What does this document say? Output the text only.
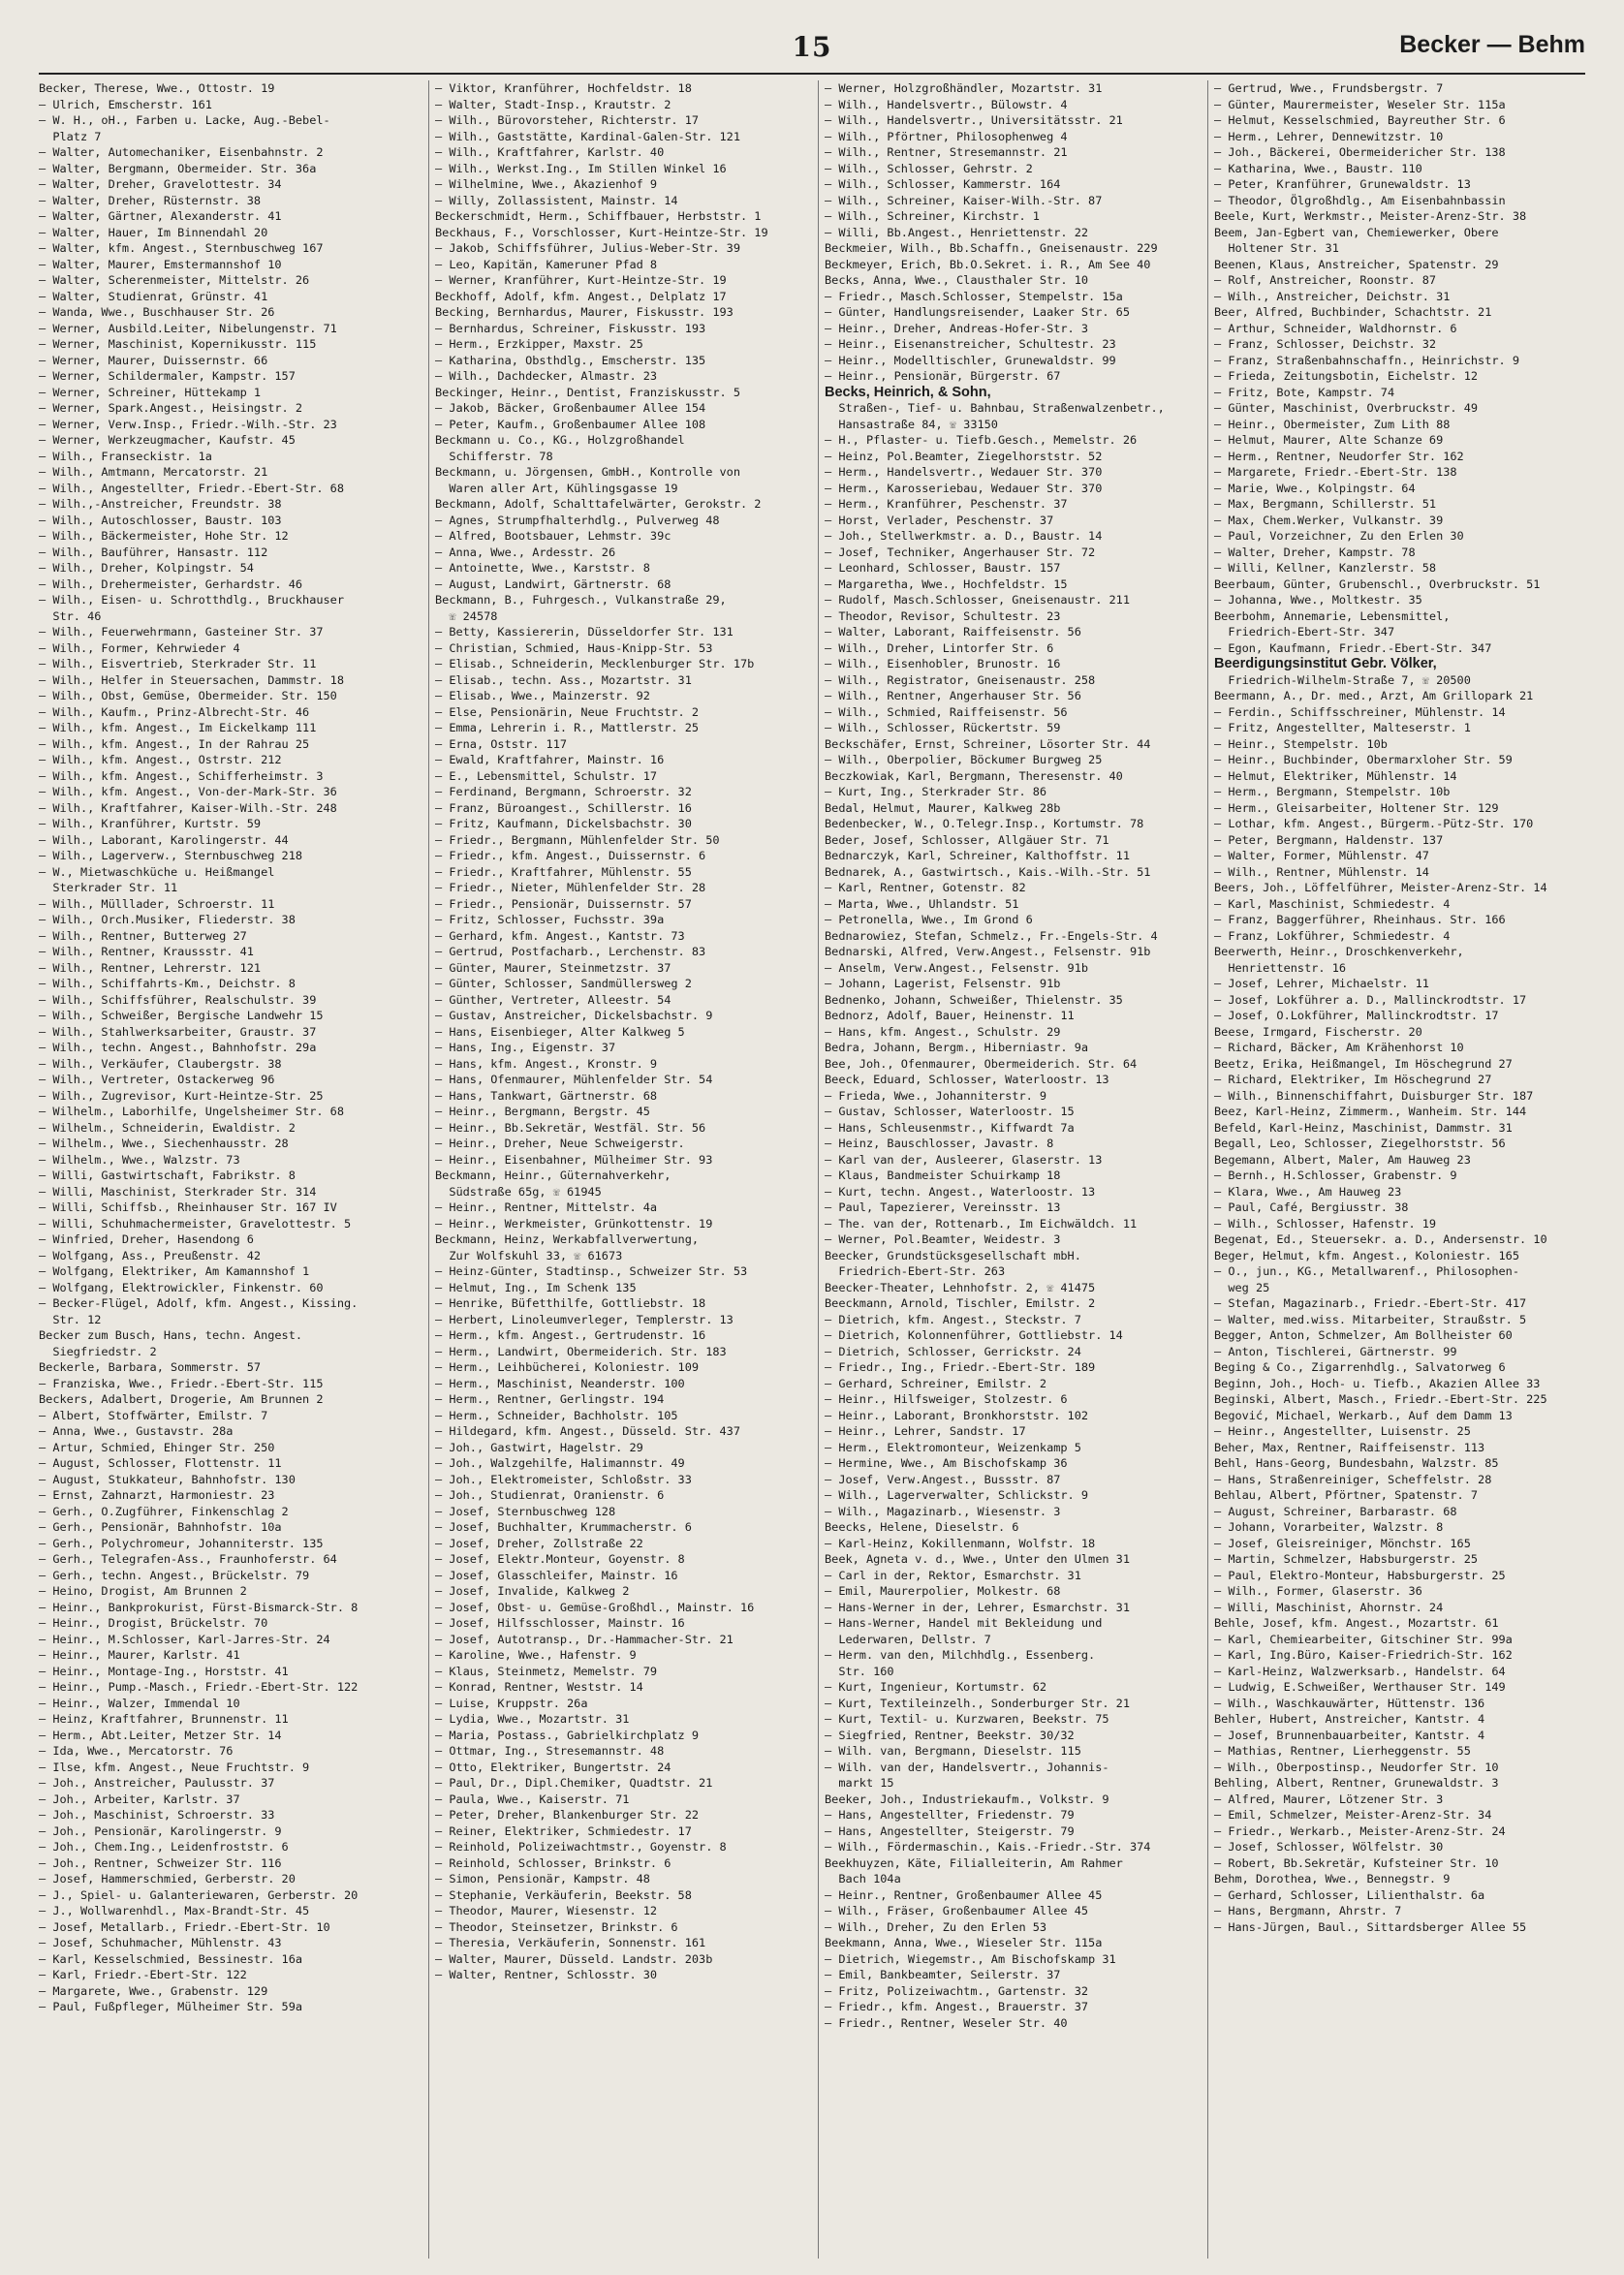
15	Becker — Behm
Becker, Therese, Wwe., Ottostr. 19
— Ulrich, Emscherstr. 161
— W. H., oH., Farben u. Lacke, Aug.-Bebel-
Platz 7
— Walter, Automechaniker, Eisenbahnstr. 2
— Walter, Bergmann, Obermeider. Str. 36a
— Walter, Dreher, Gravelottestr. 34
— Walter, Dreher, Rüsternstr. 38
— Walter, Gärtner, Alexanderstr. 41
— Walter, Hauer, Im Binnendahl 20
— Walter, kfm. Angest., Sternbuschweg 167
— Walter, Maurer, Emstermannshof 10
— Walter, Scherenmeister, Mittelstr. 26
— Walter, Studienrat, Grünstr. 41
— Wanda, Wwe., Buschhauser Str. 26
— Werner, Ausbild.Leiter, Nibelungenstr. 71
— Werner, Maschinist, Kopernikusstr. 115
— Werner, Maurer, Duissernstr. 66
— Werner, Schildermaler, Kampstr. 157
— Werner, Schreiner, Hüttekamp 1
— Werner, Spark.Angest., Heisingstr. 2
— Werner, Verw.Insp., Friedr.-Wilh.-Str. 23
— Werner, Werkzeugmacher, Kaufstr. 45
— Wilh., Franseckistr. 1a
— Wilh., Amtmann, Mercatorstr. 21
— Wilh., Angestellter, Friedr.-Ebert-Str. 68
— Wilh.,-Anstreicher, Freundstr. 38
— Wilh., Autoschlosser, Baustr. 103
— Wilh., Bäckermeister, Hohe Str. 12
— Wilh., Bauführer, Hansastr. 112
— Wilh., Dreher, Kolpingstr. 54
— Wilh., Drehermeister, Gerhardstr. 46
— Wilh., Eisen- u. Schrotthdlg., Bruckhauser
Str. 46
— Wilh., Feuerwehrmann, Gasteiner Str. 37
— Wilh., Former, Kehrwieder 4
— Wilh., Eisvertrieb, Sterkrader Str. 11
— Wilh., Helfer in Steuersachen, Dammstr. 18
— Wilh., Obst, Gemüse, Obermeider. Str. 150
— Wilh., Kaufm., Prinz-Albrecht-Str. 46
— Wilh., kfm. Angest., Im Eickelkamp 111
— Wilh., kfm. Angest., In der Rahrau 25
— Wilh., kfm. Angest., Ostrstr. 212
— Wilh., kfm. Angest., Schifferheimstr. 3
— Wilh., kfm. Angest., Von-der-Mark-Str. 36
— Wilh., Kraftfahrer, Kaiser-Wilh.-Str. 248
— Wilh., Kranführer, Kurtstr. 59
— Wilh., Laborant, Karolingerstr. 44
— Wilh., Lagerverw., Sternbuschweg 218
— W., Mietwaschküche u. Heißmangel
Sterkrader Str. 11
— Wilh., Mülllader, Schroerstr. 11
— Wilh., Orch.Musiker, Fliederstr. 38
— Wilh., Rentner, Butterweg 27
— Wilh., Rentner, Kraussstr. 41
— Wilh., Rentner, Lehrerstr. 121
— Wilh., Schiffahrts-Km., Deichstr. 8
— Wilh., Schiffsführer, Realschulstr. 39
— Wilh., Schweißer, Bergische Landwehr 15
— Wilh., Stahlwerksarbeiter, Graustr. 37
— Wilh., techn. Angest., Bahnhofstr. 29a
— Wilh., Verkäufer, Claubergstr. 38
— Wilh., Vertreter, Ostackerweg 96
— Wilh., Zugrevisor, Kurt-Heintze-Str. 25
— Wilhelm., Laborhilfe, Ungelsheimer Str. 68
— Wilhelm., Schneiderin, Ewaldistr. 2
— Wilhelm., Wwe., Siechenhausstr. 28
— Wilhelm., Wwe., Walzstr. 73
— Willi, Gastwirtschaft, Fabrikstr. 8
— Willi, Maschinist, Sterkrader Str. 314
— Willi, Schiffsb., Rheinhauser Str. 167 IV
— Willi, Schuhmachermeister, Gravelottestr. 5
— Winfried, Dreher, Hasendong 6
— Wolfgang, Ass., Preußenstr. 42
— Wolfgang, Elektriker, Am Kamannshof 1
— Wolfgang, Elektrowickler, Finkenstr. 60
— Becker-Flügel, Adolf, kfm. Angest., Kissing.
Str. 12
Becker zum Busch, Hans, techn. Angest.
Siegfriedstr. 2
Beckerle, Barbara, Sommerstr. 57
— Franziska, Wwe., Friedr.-Ebert-Str. 115
Beckers, Adalbert, Drogerie, Am Brunnen 2
— Albert, Stoffwärter, Emilstr. 7
— Anna, Wwe., Gustavstr. 28a
— Artur, Schmied, Ehinger Str. 250
— August, Schlosser, Flottenstr. 11
— August, Stukkateur, Bahnhofstr. 130
— Ernst, Zahnarzt, Harmoniestr. 23
— Gerh., O.Zugführer, Finkenschlag 2
— Gerh., Pensionär, Bahnhofstr. 10a
— Gerh., Polychromeur, Johanniterstr. 135
— Gerh., Telegrafen-Ass., Fraunhoferstr. 64
— Gerh., techn. Angest., Brückelstr. 79
— Heino, Drogist, Am Brunnen 2
— Heinr., Bankprokurist, Fürst-Bismarck-Str. 8
— Heinr., Drogist, Brückelstr. 70
— Heinr., M.Schlosser, Karl-Jarres-Str. 24
— Heinr., Maurer, Karlstr. 41
— Heinr., Montage-Ing., Horststr. 41
— Heinr., Pump.-Masch., Friedr.-Ebert-Str. 122
— Heinr., Walzer, Immendal 10
— Heinz, Kraftfahrer, Brunnenstr. 11
— Herm., Abt.Leiter, Metzer Str. 14
— Ida, Wwe., Mercatorstr. 76
— Ilse, kfm. Angest., Neue Fruchtstr. 9
— Joh., Anstreicher, Paulusstr. 37
— Joh., Arbeiter, Karlstr. 37
— Joh., Maschinist, Schroerstr. 33
— Joh., Pensionär, Karolingerstr. 9
— Joh., Chem.Ing., Leidenfroststr. 6
— Joh., Rentner, Schweizer Str. 116
— Josef, Hammerschmied, Gerberstr. 20
— J., Spiel- u. Galanteriewaren, Gerberstr. 20
— J., Wollwarenhdl., Max-Brandt-Str. 45
— Josef, Metallarb., Friedr.-Ebert-Str. 10
— Josef, Schuhmacher, Mühlenstr. 43
— Karl, Kesselschmied, Bessinestr. 16a
— Karl, Friedr.-Ebert-Str. 122
— Margarete, Wwe., Grabenstr. 129
— Paul, Fußpfleger, Mülheimer Str. 59a
— Viktor, Kranführer, Hochfeldstr. 18
— Walter, Stadt-Insp., Krautstr. 2
— Wilh., Bürovorsteher, Richterstr. 17
— Wilh., Gaststätte, Kardinal-Galen-Str. 121
— Wilh., Kraftfahrer, Karlstr. 40
— Wilh., Werkst.Ing., Im Stillen Winkel 16
— Wilhelmine, Wwe., Akazienhof 9
— Willy, Zollassistent, Mainstr. 14
Beckerschmidt, Herm., Schiffbauer, Herbststr. 1
Beckhaus, F., Vorschlosser, Kurt-Heintze-Str. 19
— Jakob, Schiffsführer, Julius-Weber-Str. 39
— Leo, Kapitän, Kameruner Pfad 8
— Werner, Kranführer, Kurt-Heintze-Str. 19
Beckhoff, Adolf, kfm. Angest., Delplatz 17
Becking, Bernhardus, Maurer, Fiskusstr. 193
— Bernhardus, Schreiner, Fiskusstr. 193
— Herm., Erzkipper, Maxstr. 25
— Katharina, Obsthdlg., Emscherstr. 135
— Wilh., Dachdecker, Almastr. 23
Beckinger, Heinr., Dentist, Franziskusstr. 5
— Jakob, Bäcker, Großenbaumer Allee 154
— Peter, Kaufm., Großenbaumer Allee 108
Beckmann u. Co., KG., Holzgroßhandel
Schifferstr. 78
Beckmann, u. Jörgensen, GmbH., Kontrolle von
Waren aller Art, Kühlingsgasse 19
Beckmann, Adolf, Schalttafelwärter, Gerokstr. 2
— Agnes, Strumpfhalterhdlg., Pulverweg 48
— Alfred, Bootsbauer, Lehmstr. 39c
— Anna, Wwe., Ardesstr. 26
— Antoinette, Wwe., Karststr. 8
— August, Landwirt, Gärtnerstr. 68
Beckmann, B., Fuhrgesch., Vulkanstraße 29,
☏ 24578
— Betty, Kassiererin, Düsseldorfer Str. 131
— Christian, Schmied, Haus-Knipp-Str. 53
— Elisab., Schneiderin, Mecklenburger Str. 17b
— Elisab., techn. Ass., Mozartstr. 31
— Elisab., Wwe., Mainzerstr. 92
— Else, Pensionärin, Neue Fruchtstr. 2
— Emma, Lehrerin i. R., Mattlerstr. 25
— Erna, Oststr. 117
— Ewald, Kraftfahrer, Mainstr. 16
— E., Lebensmittel, Schulstr. 17
— Ferdinand, Bergmann, Schroerstr. 32
— Franz, Büroangest., Schillerstr. 16
— Fritz, Kaufmann, Dickelsbachstr. 30
— Friedr., Bergmann, Mühlenfelder Str. 50
— Friedr., kfm. Angest., Duissernstr. 6
— Friedr., Kraftfahrer, Mühlenstr. 55
— Friedr., Nieter, Mühlenfelder Str. 28
— Friedr., Pensionär, Duissernstr. 57
— Fritz, Schlosser, Fuchsstr. 39a
— Gerhard, kfm. Angest., Kantstr. 73
— Gertrud, Postfacharb., Lerchenstr. 83
— Günter, Maurer, Steinmetzstr. 37
— Günter, Schlosser, Sandmüllersweg 2
— Günther, Vertreter, Alleestr. 54
— Gustav, Anstreicher, Dickelsbachstr. 9
— Hans, Eisenbieger, Alter Kalkweg 5
— Hans, Ing., Eigenstr. 37
— Hans, kfm. Angest., Kronstr. 9
— Hans, Ofenmaurer, Mühlenfelder Str. 54
— Hans, Tankwart, Gärtnerstr. 68
— Heinr., Bergmann, Bergstr. 45
— Heinr., Bb.Sekretär, Westfäl. Str. 56
— Heinr., Dreher, Neue Schweigerstr.
— Heinr., Eisenbahner, Mülheimer Str. 93
Beckmann, Heinr., Güternahverkehr,
Südstraße 65g, ☏ 61945
— Heinr., Rentner, Mittelstr. 4a
— Heinr., Werkmeister, Grünkottenstr. 19
Beckmann, Heinz, Werkabfallverwertung,
Zur Wolfskuhl 33, ☏ 61673
— Heinz-Günter, Stadtinsp., Schweizer Str. 53
— Helmut, Ing., Im Schenk 135
— Henrike, Büfetthilfe, Gottliebstr. 18
— Herbert, Linoleumverleger, Templerstr. 13
— Herm., kfm. Angest., Gertrudenstr. 16
— Herm., Landwirt, Obermeiderich. Str. 183
— Herm., Leihbücherei, Koloniestr. 109
— Herm., Maschinist, Neanderstr. 100
— Herm., Rentner, Gerlingstr. 194
— Herm., Schneider, Bachholstr. 105
— Hildegard, kfm. Angest., Düsseld. Str. 437
— Joh., Gastwirt, Hagelstr. 29
— Joh., Walzgehilfe, Halimannstr. 49
— Joh., Elektromeister, Schloßstr. 33
— Joh., Studienrat, Oranienstr. 6
— Josef, Sternbuschweg 128
— Josef, Buchhalter, Krummacherstr. 6
— Josef, Dreher, Zollstraße 22
— Josef, Elektr.Monteur, Goyenstr. 8
— Josef, Glasschleifer, Mainstr. 16
— Josef, Invalide, Kalkweg 2
— Josef, Obst- u. Gemüse-Großhdl., Mainstr. 16
— Josef, Hilfsschlosser, Mainstr. 16
— Josef, Autotransp., Dr.-Hammacher-Str. 21
— Karoline, Wwe., Hafenstr. 9
— Klaus, Steinmetz, Memelstr. 79
— Konrad, Rentner, Weststr. 14
— Luise, Kruppstr. 26a
— Lydia, Wwe., Mozartstr. 31
— Maria, Postass., Gabrielkirchplatz 9
— Ottmar, Ing., Stresemannstr. 48
— Otto, Elektriker, Bungertstr. 24
— Paul, Dr., Dipl.Chemiker, Quadtstr. 21
— Paula, Wwe., Kaiserstr. 71
— Peter, Dreher, Blankenburger Str. 22
— Reiner, Elektriker, Schmiedestr. 17
— Reinhold, Polizeiwachtmstr., Goyenstr. 8
— Reinhold, Schlosser, Brinkstr. 6
— Simon, Pensionär, Kampstr. 48
— Stephanie, Verkäuferin, Beekstr. 58
— Theodor, Maurer, Wiesenstr. 12
— Theodor, Steinsetzer, Brinkstr. 6
— Theresia, Verkäuferin, Sonnenstr. 161
— Walter, Maurer, Düsseld. Landstr. 203b
— Walter, Rentner, Schlosstr. 30
— Werner, Holzgroßhändler, Mozartstr. 31
— Wilh., Handelsvertr., Bülowstr. 4
— Wilh., Handelsvertr., Universitätsstr. 21
— Wilh., Pförtner, Philosophenweg 4
— Wilh., Rentner, Stresemannstr. 21
— Wilh., Schlosser, Gehrstr. 2
— Wilh., Schlosser, Kammerstr. 164
— Wilh., Schreiner, Kaiser-Wilh.-Str. 87
— Wilh., Schreiner, Kirchstr. 1
— Willi, Bb.Angest., Henriettenstr. 22
Beckmeier, Wilh., Bb.Schaffn., Gneisenaustr. 229
Beckmeyer, Erich, Bb.O.Sekret. i. R., Am See 40
Becks, Anna, Wwe., Clausthaler Str. 10
— Friedr., Masch.Schlosser, Stempelstr. 15a
— Günter, Handlungsreisender, Laaker Str. 65
— Heinr., Dreher, Andreas-Hofer-Str. 3
— Heinr., Eisenanstreicher, Schultestr. 23
— Heinr., Modelltischler, Grunewaldstr. 99
— Heinr., Pensionär, Bürgerstr. 67
Becks, Heinrich, & Sohn,
Straßen-, Tief- u. Bahnbau, Straßenwalzenbetr.,
Hansastraße 84, ☏ 33150
— H., Pflaster- u. Tiefb.Gesch., Memelstr. 26
— Heinz, Pol.Beamter, Ziegelhorststr. 52
— Herm., Handelsvertr., Wedauer Str. 370
— Herm., Karosseriebau, Wedauer Str. 370
— Herm., Kranführer, Peschenstr. 37
— Horst, Verlader, Peschenstr. 37
— Joh., Stellwerkmstr. a. D., Baustr. 14
— Josef, Techniker, Angerhauser Str. 72
— Leonhard, Schlosser, Baustr. 157
— Margaretha, Wwe., Hochfeldstr. 15
— Rudolf, Masch.Schlosser, Gneisenaustr. 211
— Theodor, Revisor, Schultestr. 23
— Walter, Laborant, Raiffeisenstr. 56
— Wilh., Dreher, Lintorfer Str. 6
— Wilh., Eisenhobler, Brunostr. 16
— Wilh., Registrator, Gneisenaustr. 258
— Wilh., Rentner, Angerhauser Str. 56
— Wilh., Schmied, Raiffeisenstr. 56
— Wilh., Schlosser, Rückertstr. 59
Beckschäfer, Ernst, Schreiner, Lösorter Str. 44
— Wilh., Oberpolier, Böckumer Burgweg 25
Beczkowiak, Karl, Bergmann, Theresenstr. 40
— Kurt, Ing., Sterkrader Str. 86
Bedal, Helmut, Maurer, Kalkweg 28b
Bedenbecker, W., O.Telegr.Insp., Kortumstr. 78
Beder, Josef, Schlosser, Allgäuer Str. 71
Bednarczyk, Karl, Schreiner, Kalthoffstr. 11
Bednarek, A., Gastwirtsch., Kais.-Wilh.-Str. 51
— Karl, Rentner, Gotenstr. 82
— Marta, Wwe., Uhlandstr. 51
— Petronella, Wwe., Im Grond 6
Bednarowiez, Stefan, Schmelz., Fr.-Engels-Str. 4
Bednarski, Alfred, Verw.Angest., Felsenstr. 91b
— Anselm, Verw.Angest., Felsenstr. 91b
— Johann, Lagerist, Felsenstr. 91b
Bednenko, Johann, Schweißer, Thielenstr. 35
Bednorz, Adolf, Bauer, Heinenstr. 11
— Hans, kfm. Angest., Schulstr. 29
Bedra, Johann, Bergm., Hiberniastr. 9a
Bee, Joh., Ofenmaurer, Obermeiderich. Str. 64
Beeck, Eduard, Schlosser, Waterloostr. 13
— Frieda, Wwe., Johanniterstr. 9
— Gustav, Schlosser, Waterloostr. 15
— Hans, Schleusenmstr., Kiffwardt 7a
— Heinz, Bauschlosser, Javastr. 8
— Karl van der, Ausleerer, Glaserstr. 13
— Klaus, Bandmeister Schuirkamp 18
— Kurt, techn. Angest., Waterloostr. 13
— Paul, Tapezierer, Vereinsstr. 13
— The. van der, Rottenarb., Im Eichwäldch. 11
— Werner, Pol.Beamter, Weidestr. 3
Beecker, Grundstücksgesellschaft mbH.
Friedrich-Ebert-Str. 263
Beecker-Theater, Lehnhofstr. 2, ☏ 41475
Beeckmann, Arnold, Tischler, Emilstr. 2
— Dietrich, kfm. Angest., Steckstr. 7
— Dietrich, Kolonnenführer, Gottliebstr. 14
— Dietrich, Schlosser, Gerrickstr. 24
— Friedr., Ing., Friedr.-Ebert-Str. 189
— Gerhard, Schreiner, Emilstr. 2
— Heinr., Hilfsweiger, Stolzestr. 6
— Heinr., Laborant, Bronkhorststr. 102
— Heinr., Lehrer, Sandstr. 17
— Herm., Elektromonteur, Weizenkamp 5
— Hermine, Wwe., Am Bischofskamp 36
— Josef, Verw.Angest., Bussstr. 87
— Wilh., Lagerverwalter, Schlickstr. 9
— Wilh., Magazinarb., Wiesenstr. 3
Beecks, Helene, Dieselstr. 6
— Karl-Heinz, Kokillenmann, Wolfstr. 18
Beek, Agneta v. d., Wwe., Unter den Ulmen 31
— Carl in der, Rektor, Esmarchstr. 31
— Emil, Maurerpolier, Molkestr. 68
— Hans-Werner in der, Lehrer, Esmarchstr. 31
— Hans-Werner, Handel mit Bekleidung und
Lederwaren, Dellstr. 7
— Herm. van den, Milchhdlg., Essenberg.
Str. 160
— Kurt, Ingenieur, Kortumstr. 62
— Kurt, Textileinzelh., Sonderburger Str. 21
— Kurt, Textil- u. Kurzwaren, Beekstr. 75
— Siegfried, Rentner, Beekstr. 30/32
— Wilh. van, Bergmann, Dieselstr. 115
— Wilh. van der, Handelsvertr., Johannis-
markt 15
Beeker, Joh., Industriekaufm., Volkstr. 9
— Hans, Angestellter, Friedenstr. 79
— Hans, Angestellter, Steigerstr. 79
— Wilh., Fördermaschin., Kais.-Friedr.-Str. 374
Beekhuyzen, Käte, Filialleiterin, Am Rahmer
Bach 104a
— Heinr., Rentner, Großenbaumer Allee 45
— Wilh., Fräser, Großenbaumer Allee 45
— Wilh., Dreher, Zu den Erlen 53
Beekmann, Anna, Wwe., Wieseler Str. 115a
— Dietrich, Wiegemstr., Am Bischofskamp 31
— Emil, Bankbeamter, Seilerstr. 37
— Fritz, Polizeiwachtm., Gartenstr. 32
— Friedr., kfm. Angest., Brauerstr. 37
— Friedr., Rentner, Weseler Str. 40
— Gertrud, Wwe., Frundsbergstr. 7
— Günter, Maurermeister, Weseler Str. 115a
— Helmut, Kesselschmied, Bayreuther Str. 6
— Herm., Lehrer, Dennewitzstr. 10
— Joh., Bäckerei, Obermeidericher Str. 138
— Katharina, Wwe., Baustr. 110
— Peter, Kranführer, Grunewaldstr. 13
— Theodor, Ölgroßhdlg., Am Eisenbahnbassin
Beele, Kurt, Werkmstr., Meister-Arenz-Str. 38
Beem, Jan-Egbert van, Chemiewerker, Obere
Holtener Str. 31
Beenen, Klaus, Anstreicher, Spatenstr. 29
— Rolf, Anstreicher, Roonstr. 87
— Wilh., Anstreicher, Deichstr. 31
Beer, Alfred, Buchbinder, Schachtstr. 21
— Arthur, Schneider, Waldhornstr. 6
— Franz, Schlosser, Deichstr. 32
— Franz, Straßenbahnschaffn., Heinrichstr. 9
— Frieda, Zeitungsbotin, Eichelstr. 12
— Fritz, Bote, Kampstr. 74
— Günter, Maschinist, Overbruckstr. 49
— Heinr., Obermeister, Zum Lith 88
— Helmut, Maurer, Alte Schanze 69
— Herm., Rentner, Neudorfer Str. 162
— Margarete, Friedr.-Ebert-Str. 138
— Marie, Wwe., Kolpingstr. 64
— Max, Bergmann, Schillerstr. 51
— Max, Chem.Werker, Vulkanstr. 39
— Paul, Vorzeichner, Zu den Erlen 30
— Walter, Dreher, Kampstr. 78
— Willi, Kellner, Kanzlerstr. 58
Beerbaum, Günter, Grubenschl., Overbruckstr. 51
— Johanna, Wwe., Moltkestr. 35
Beerbohm, Annemarie, Lebensmittel,
Friedrich-Ebert-Str. 347
— Egon, Kaufmann, Friedr.-Ebert-Str. 347
Beerdigungsinstitut Gebr. Völker,
Friedrich-Wilhelm-Straße 7, ☏ 20500
Beermann, A., Dr. med., Arzt, Am Grillopark 21
— Ferdin., Schiffsschreiner, Mühlenstr. 14
— Fritz, Angestellter, Malteserstr. 1
— Heinr., Stempelstr. 10b
— Heinr., Buchbinder, Obermarxloher Str. 59
— Helmut, Elektriker, Mühlenstr. 14
— Herm., Bergmann, Stempelstr. 10b
— Herm., Gleisarbeiter, Holtener Str. 129
— Lothar, kfm. Angest., Bürgerm.-Pütz-Str. 170
— Peter, Bergmann, Haldenstr. 137
— Walter, Former, Mühlenstr. 47
— Wilh., Rentner, Mühlenstr. 14
Beers, Joh., Löffelführer, Meister-Arenz-Str. 14
— Karl, Maschinist, Schmiedestr. 4
— Franz, Baggerführer, Rheinhaus. Str. 166
— Franz, Lokführer, Schmiedestr. 4
Beerwerth, Heinr., Droschkenverkehr,
Henriettenstr. 16
— Josef, Lehrer, Michaelstr. 11
— Josef, Lokführer a. D., Mallinckrodtstr. 17
— Josef, O.Lokführer, Mallinckrodtstr. 17
Beese, Irmgard, Fischerstr. 20
— Richard, Bäcker, Am Krähenhorst 10
Beetz, Erika, Heißmangel, Im Höschegrund 27
— Richard, Elektriker, Im Höschegrund 27
— Wilh., Binnenschiffahrt, Duisburger Str. 187
Beez, Karl-Heinz, Zimmerm., Wanheim. Str. 144
Befeld, Karl-Heinz, Maschinist, Dammstr. 31
Begall, Leo, Schlosser, Ziegelhorststr. 56
Begemann, Albert, Maler, Am Hauweg 23
— Bernh., H.Schlosser, Grabenstr. 9
— Klara, Wwe., Am Hauweg 23
— Paul, Café, Bergiusstr. 38
— Wilh., Schlosser, Hafenstr. 19
Begenat, Ed., Steuersekr. a. D., Andersenstr. 10
Beger, Helmut, kfm. Angest., Koloniestr. 165
— O., jun., KG., Metallwarenf., Philosophen-
weg 25
— Stefan, Magazinarb., Friedr.-Ebert-Str. 417
— Walter, med.wiss. Mitarbeiter, Straußstr. 5
Begger, Anton, Schmelzer, Am Bollheister 60
— Anton, Tischlerei, Gärtnerstr. 99
Beging & Co., Zigarrenhdlg., Salvatorweg 6
Beginn, Joh., Hoch- u. Tiefb., Akazien Allee 33
Beginski, Albert, Masch., Friedr.-Ebert-Str. 225
Begović, Michael, Werkarb., Auf dem Damm 13
— Heinr., Angestellter, Luisenstr. 25
Beher, Max, Rentner, Raiffeisenstr. 113
Behl, Hans-Georg, Bundesbahn, Walzstr. 85
— Hans, Straßenreiniger, Scheffelstr. 28
Behlau, Albert, Pförtner, Spatenstr. 7
— August, Schreiner, Barbarastr. 68
— Johann, Vorarbeiter, Walzstr. 8
— Josef, Gleisreiniger, Mönchstr. 165
— Martin, Schmelzer, Habsburgerstr. 25
— Paul, Elektro-Monteur, Habsburgerstr. 25
— Wilh., Former, Glaserstr. 36
— Willi, Maschinist, Ahornstr. 24
Behle, Josef, kfm. Angest., Mozartstr. 61
— Karl, Chemiearbeiter, Gitschiner Str. 99a
— Karl, Ing.Büro, Kaiser-Friedrich-Str. 162
— Karl-Heinz, Walzwerksarb., Handelstr. 64
— Ludwig, E.Schweißer, Werthauser Str. 149
— Wilh., Waschkauwärter, Hüttenstr. 136
Behler, Hubert, Anstreicher, Kantstr. 4
— Josef, Brunnenbauarbeiter, Kantstr. 4
— Mathias, Rentner, Lierheggenstr. 55
— Wilh., Oberpostinsp., Neudorfer Str. 10
Behling, Albert, Rentner, Grunewaldstr. 3
— Alfred, Maurer, Lötzener Str. 3
— Emil, Schmelzer, Meister-Arenz-Str. 34
— Friedr., Werkarb., Meister-Arenz-Str. 24
— Josef, Schlosser, Wölfelstr. 30
— Robert, Bb.Sekretär, Kufsteiner Str. 10
Behm, Dorothea, Wwe., Bennegstr. 9
— Gerhard, Schlosser, Lilienthalstr. 6a
— Hans, Bergmann, Ahrstr. 7
— Hans-Jürgen, Baul., Sittardsberger Allee 55
